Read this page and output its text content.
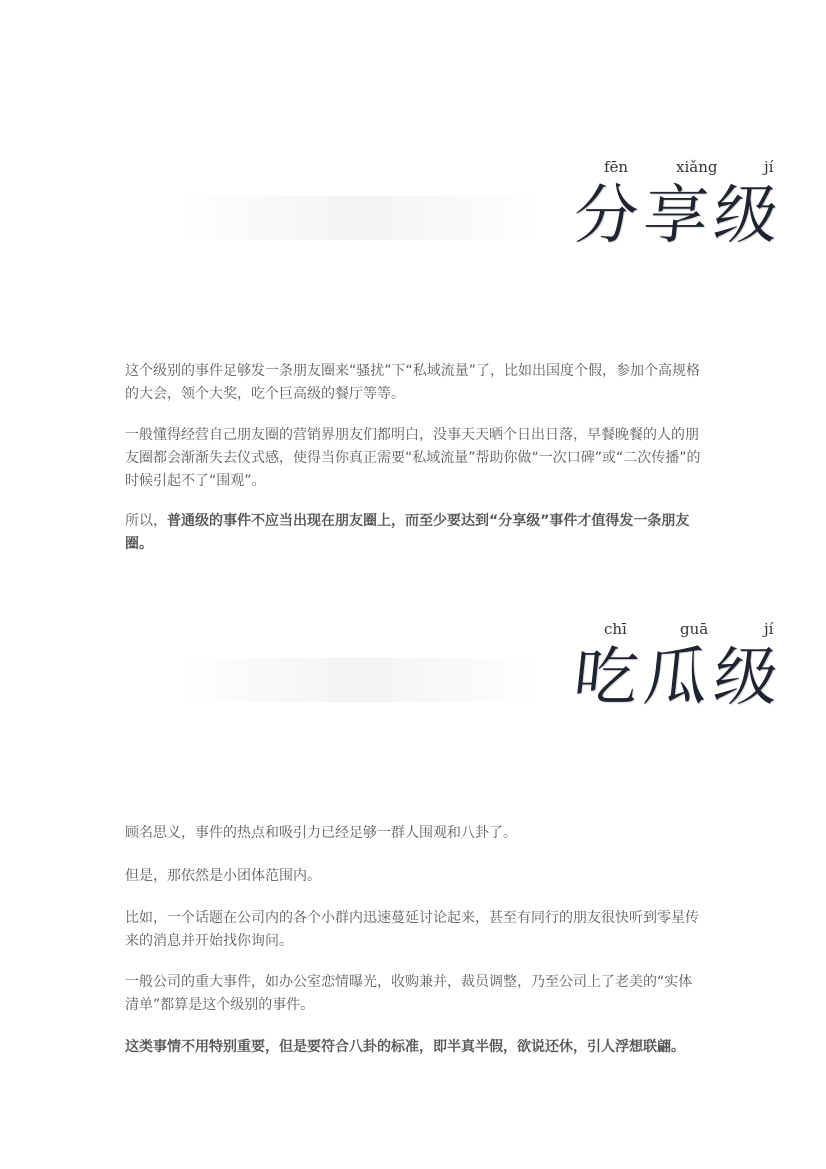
fēn	xiǎng	jí
分享级

这个级别的事件足够发一条朋友圈来“骚扰”下“私域流量”了，比如出国度个假，参加个高规格的大会，领个大奖，吃个巨高级的餐厅等等。

一般懂得经营自己朋友圈的营销界朋友们都明白，没事天天晒个日出日落，早餐晚餐的人的朋友圈都会渐渐失去仪式感，使得当你真正需要“私域流量”帮助你做“一次口碑”或“二次传播”的时候引起不了“围观”。

所以，普通级的事件不应当出现在朋友圈上，而至少要达到“分享级”事件才值得发一条朋友圈。

chī	guā	jí
吃瓜级

顾名思义，事件的热点和吸引力已经足够一群人围观和八卦了。

但是，那依然是小团体范围内。

比如，一个话题在公司内的各个小群内迅速蔓延讨论起来，甚至有同行的朋友很快听到零星传来的消息并开始找你询问。

一般公司的重大事件，如办公室恋情曝光，收购兼并，裁员调整，乃至公司上了老美的“实体清单”都算是这个级别的事件。

这类事情不用特别重要，但是要符合八卦的标准，即半真半假，欲说还休，引人浮想联翩。
